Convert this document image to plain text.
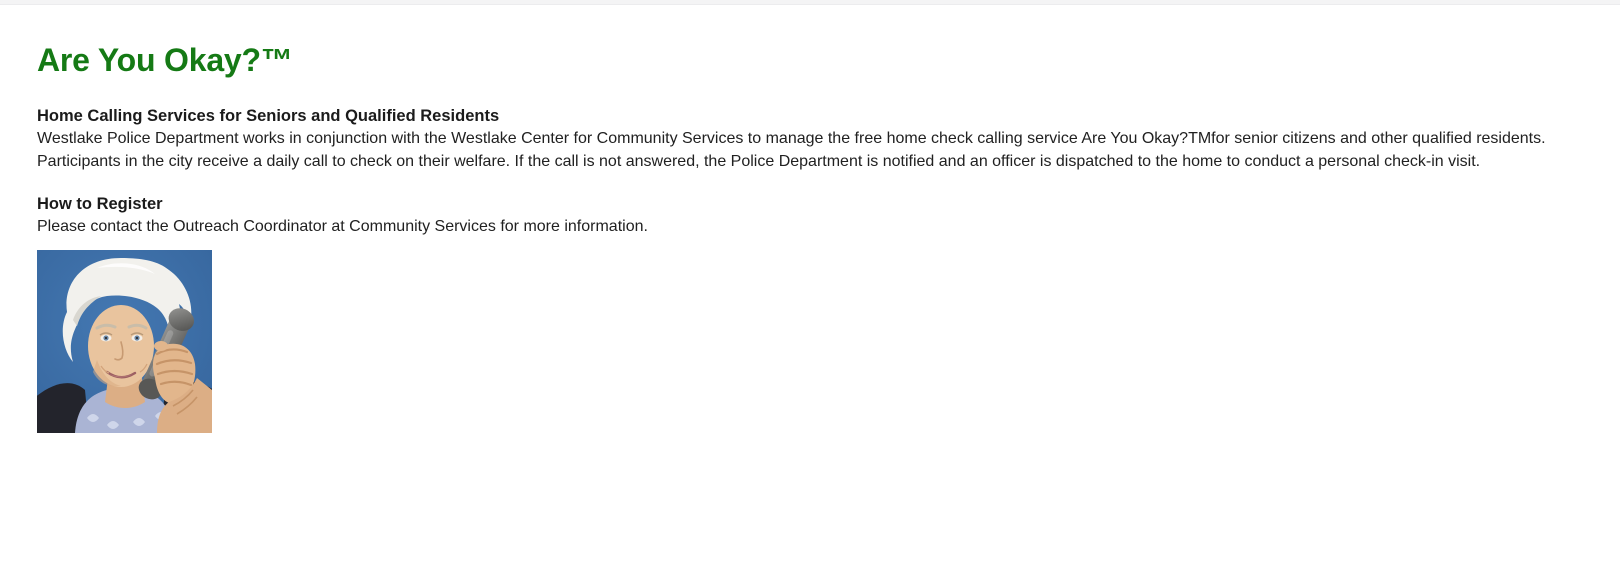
Are You Okay?™
Home Calling Services for Seniors and Qualified Residents

Westlake Police Department works in conjunction with the Westlake Center for Community Services to manage the free home check calling service Are You Okay?TMfor senior citizens and other qualified residents.

Participants in the city receive a daily call to check on their welfare. If the call is not answered, the Police Department is notified and an officer is dispatched to the home to conduct a personal check-in visit.

How to Register

Please contact the Outreach Coordinator at Community Services for more information.
